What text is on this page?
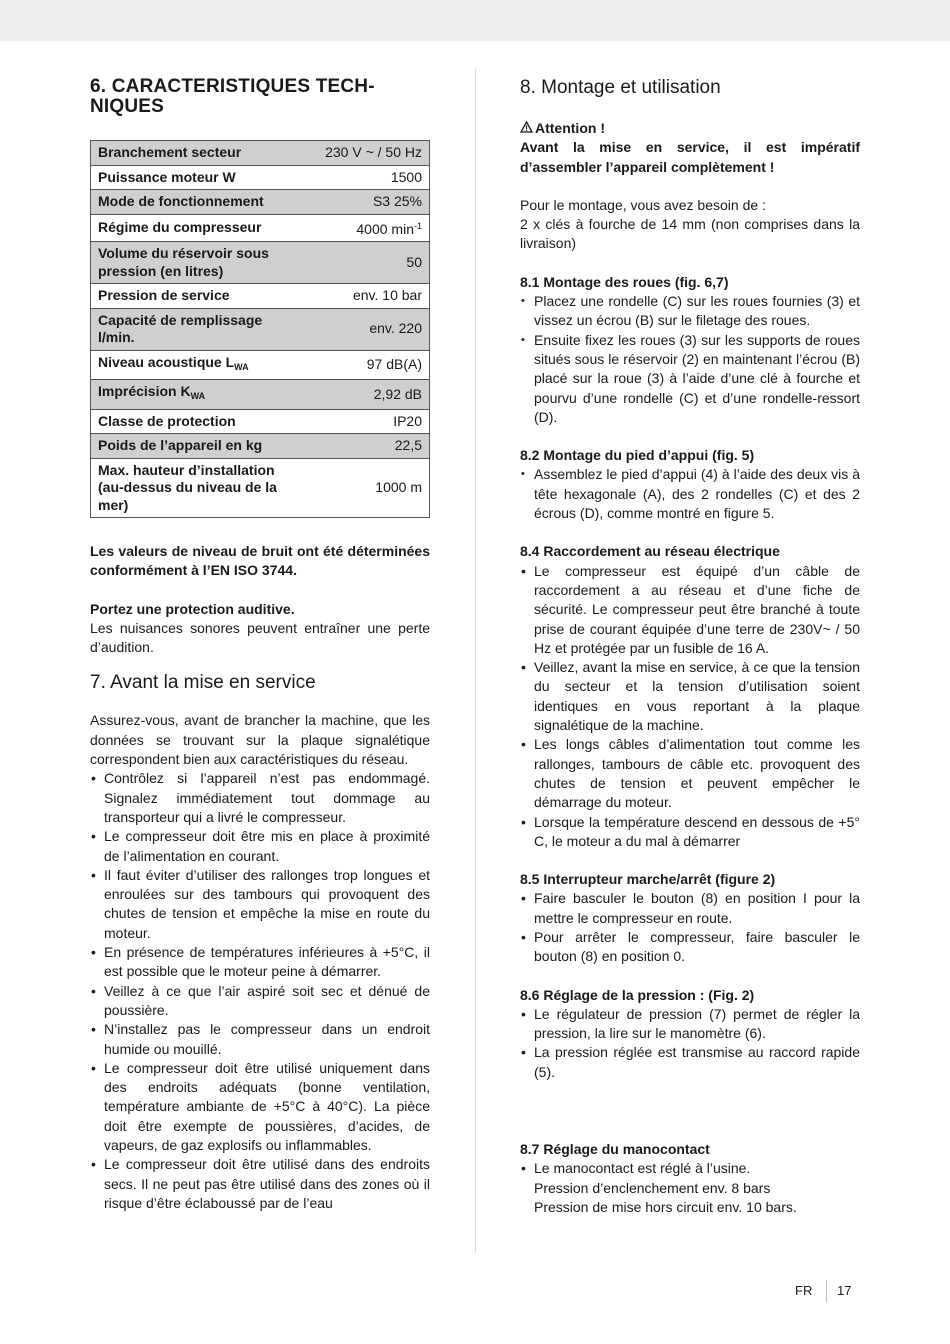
6. CARACTERISTIQUES TECH-
NIQUES
Branchement secteur	230 V ~ / 50 Hz
Puissance moteur W	1500
Mode de fonctionnement	S3 25%
Régime du compresseur	4000 $\min^{-1}$
Volume du réservoir sous pression (en litres)	50
Pression de service	env. 10 bar
Capacité de remplissage l/min.	env. 220
Niveau acoustique $L_{WA}$	97 dB(A)
Imprécision $K_{WA}$	2,92 dB
Classe de protection	IP20
Poids de l’appareil en kg	22,5
Max. hauteur d’installation (au-dessus du niveau de la mer)	1000 m

Les valeurs de niveau de bruit ont été déterminées conformément à l’EN ISO 3744.

Portez une protection auditive.

Les nuisances sonores peuvent entraîner une perte d’audition.

7. Avant la mise en service

Assurez-vous, avant de brancher la machine, que les données se trouvant sur la plaque signalétique correspondent bien aux caractéristiques du réseau.

• Contrôlez si l’appareil n’est pas endommagé. Signalez immédiatement tout dommage au transporteur qui a livré le compresseur.
• Le compresseur doit être mis en place à proximité de l’alimentation en courant.
• Il faut éviter d’utiliser des rallonges trop longues et enroulées sur des tambours qui provoquent des chutes de tension et empêche la mise en route du moteur.
• En présence de températures inférieures à +5°C, il est possible que le moteur peine à démarrer.
• Veillez à ce que l’air aspiré soit sec et dénué de poussière.
• N’installez pas le compresseur dans un endroit humide ou mouillé.
• Le compresseur doit être utilisé uniquement dans des endroits adéquats (bonne ventilation, température ambiante de +5°C à 40°C). La pièce doit être exempte de poussières, d’acides, de vapeurs, de gaz explosifs ou inflammables.
• Le compresseur doit être utilisé dans des endroits secs. Il ne peut pas être utilisé dans des zones où il risque d’être éclaboussé par de l’eau
8. Montage et utilisation

Attention !

Avant la mise en service, il est impératif d’assembler l’appareil complètement !

Pour le montage, vous avez besoin de :

2 x clés à fourche de 14 mm (non comprises dans la livraison)

8.1 Montage des roues (fig. 6,7)

• Placez une rondelle (C) sur les roues fournies (3) et vissez un écrou (B) sur le filetage des roues.
• Ensuite fixez les roues (3) sur les supports de roues situés sous le réservoir (2) en maintenant l’écrou (B) placé sur la roue (3) à l’aide d’une clé à fourche et pourvu d’une rondelle (C) et d’une rondelle-ressort (D).

8.2 Montage du pied d’appui (fig. 5)

• Assemblez le pied d’appui (4) à l’aide des deux vis à tête hexagonale (A), des 2 rondelles (C) et des 2 écrous (D), comme montré en figure 5.

8.4 Raccordement au réseau électrique

• Le compresseur est équipé d’un câble de raccordement a au réseau et d’une fiche de sécurité. Le compresseur peut être branché à toute prise de courant équipée d’une terre de 230V~ / 50 Hz et protégée par un fusible de 16 A.
• Veillez, avant la mise en service, à ce que la tension du secteur et la tension d’utilisation soient identiques en vous reportant à la plaque signalétique de la machine.
• Les longs câbles d’alimentation tout comme les rallonges, tambours de câble etc. provoquent des chutes de tension et peuvent empêcher le démarrage du moteur.
• Lorsque la température descend en dessous de +5° C, le moteur a du mal à démarrer

8.5 Interrupteur marche/arrêt (figure 2)

• Faire basculer le bouton (8) en position I pour la mettre le compresseur en route.
• Pour arrêter le compresseur, faire basculer le bouton (8) en position 0.

8.6 Réglage de la pression : (Fig. 2)

• Le régulateur de pression (7) permet de régler la pression, la lire sur le manomètre (6).
• La pression réglée est transmise au raccord rapide (5).

8.7 Réglage du manocontact

• Le manocontact est réglé à l’usine.
Pression d’enclenchement env. 8 bars
Pression de mise hors circuit env. 10 bars.
FR 17
